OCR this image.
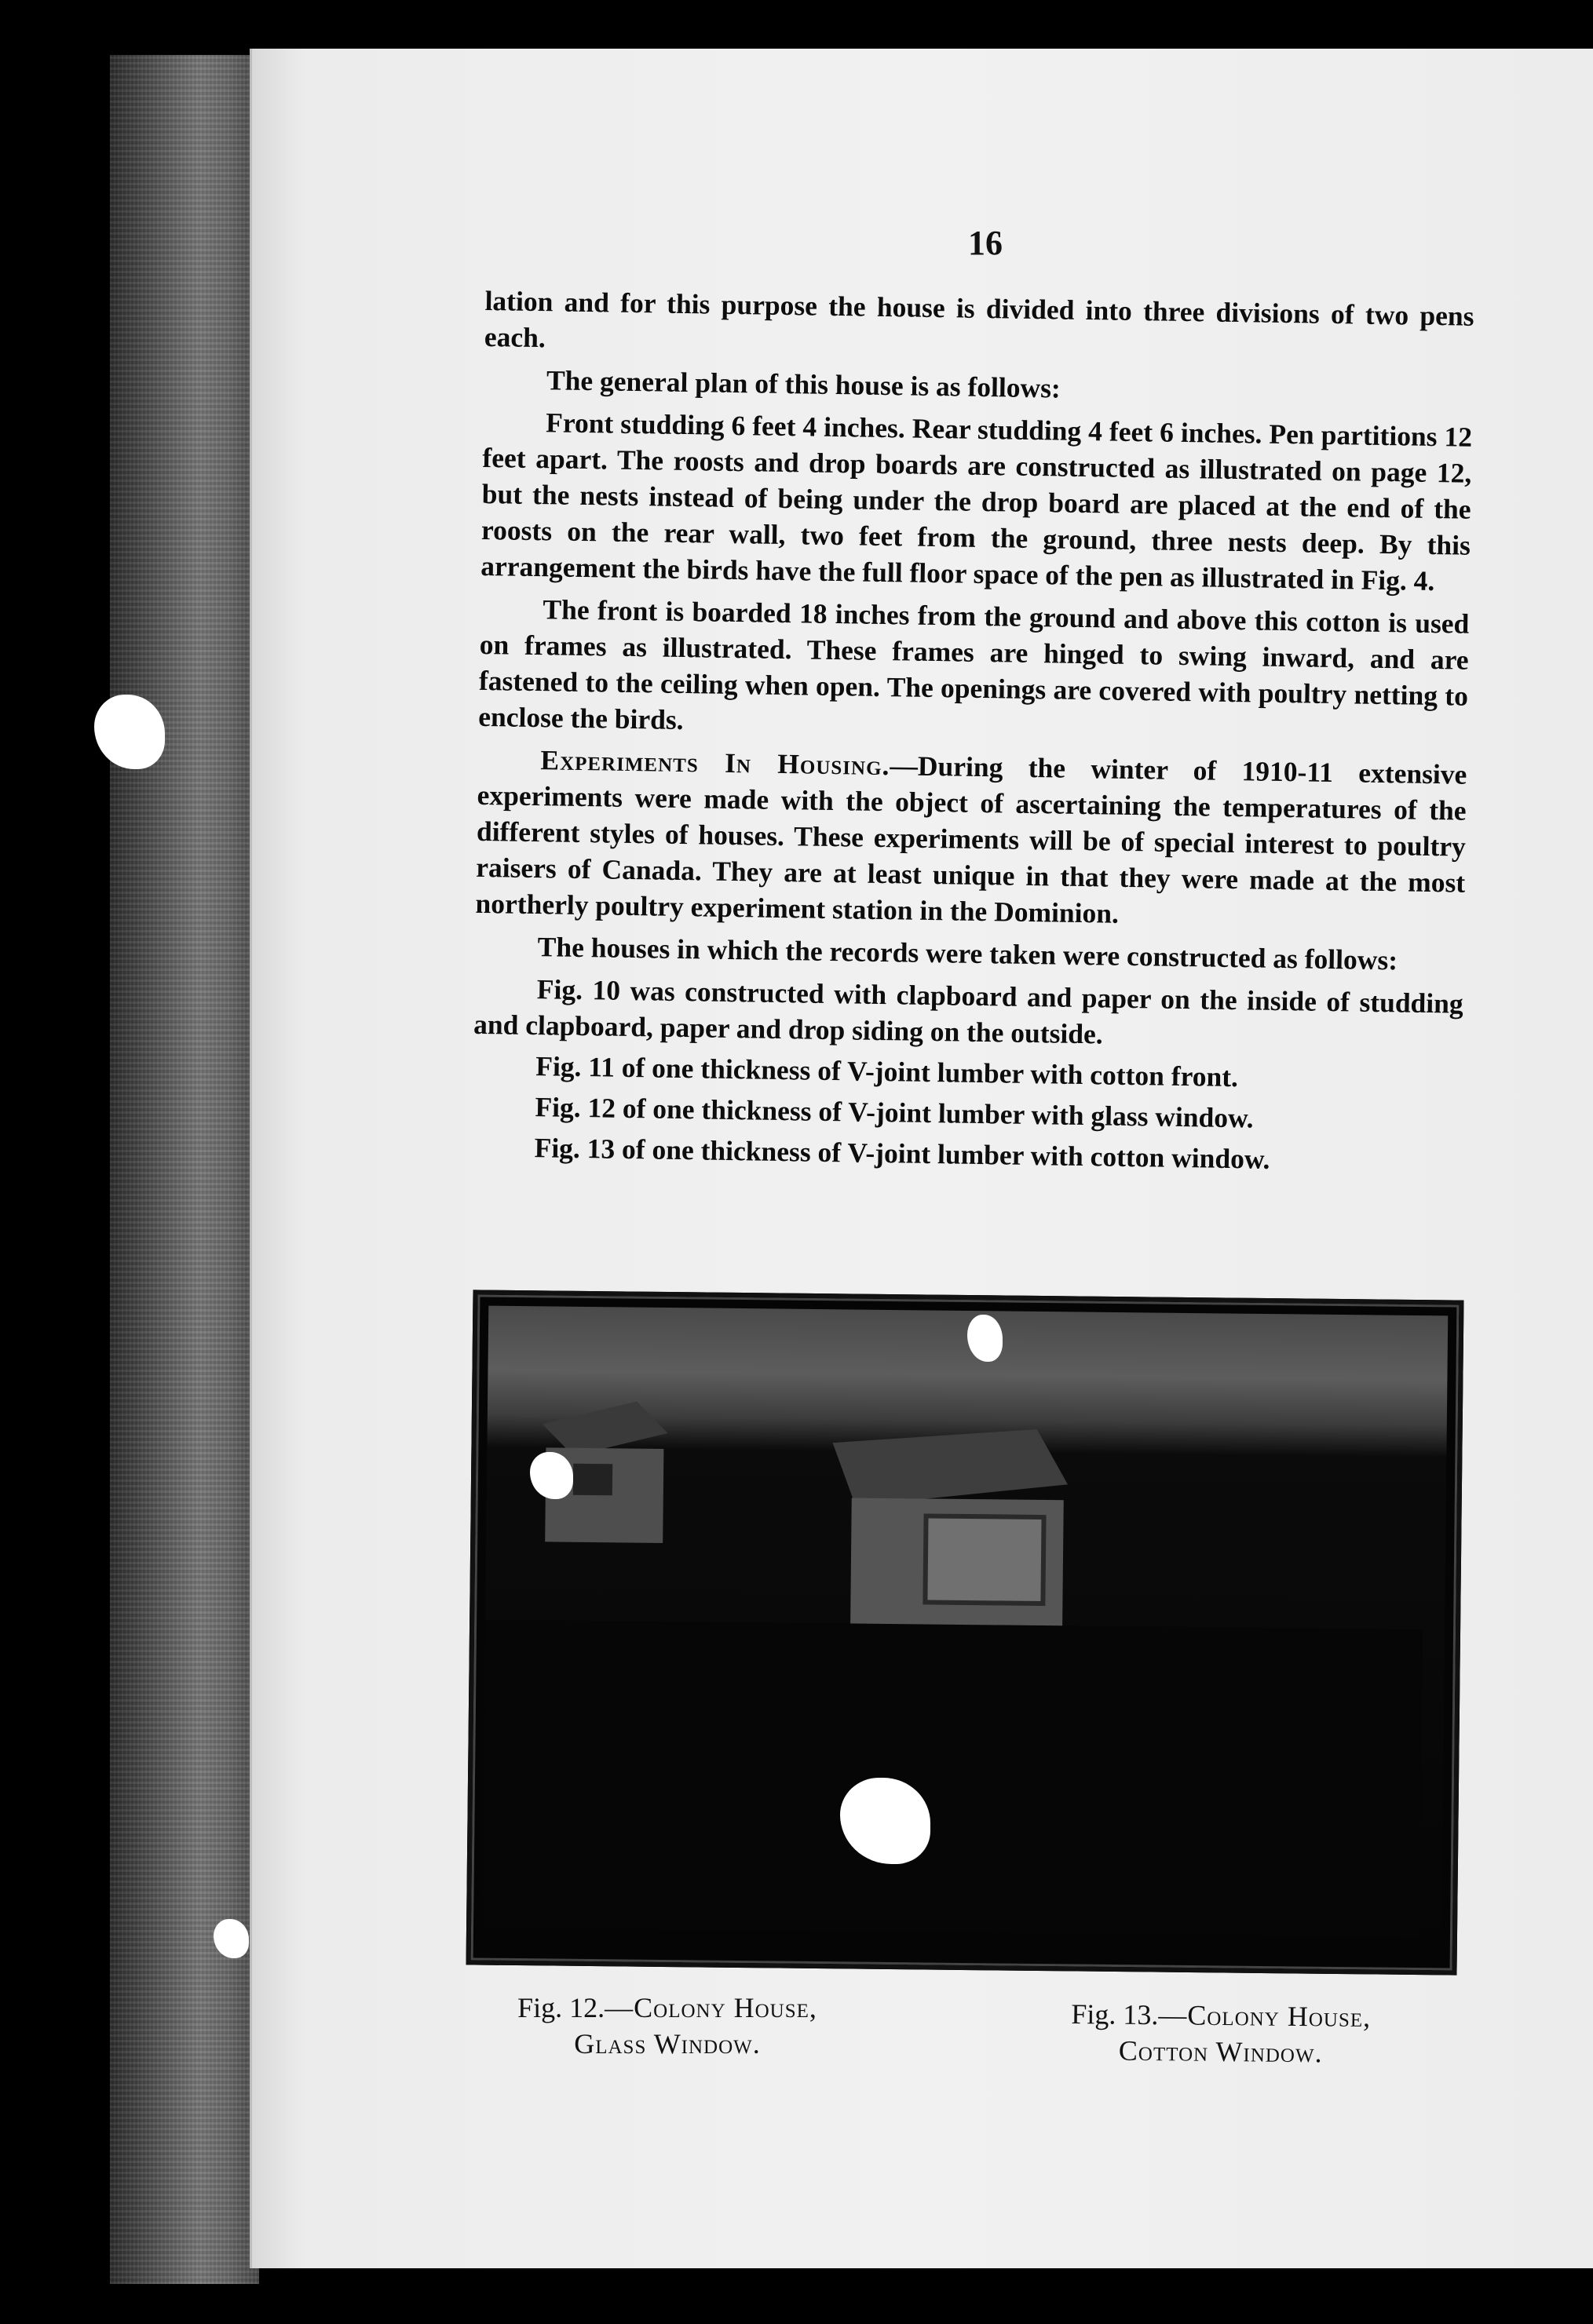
16

lation and for this purpose the house is divided into three divisions of two pens each.

The general plan of this house is as follows:

Front studding 6 feet 4 inches. Rear studding 4 feet 6 inches. Pen partitions 12 feet apart. The roosts and drop boards are constructed as illustrated on page 12, but the nests instead of being under the drop board are placed at the end of the roosts on the rear wall, two feet from the ground, three nests deep. By this arrangement the birds have the full floor space of the pen as illustrated in Fig. 4.

The front is boarded 18 inches from the ground and above this cotton is used on frames as illustrated. These frames are hinged to swing inward, and are fastened to the ceiling when open. The openings are covered with poultry netting to enclose the birds.

Experiments In Housing.—During the winter of 1910-11 extensive experiments were made with the object of ascertaining the temperatures of the different styles of houses. These experiments will be of special interest to poultry raisers of Canada. They are at least unique in that they were made at the most northerly poultry experiment station in the Dominion.

The houses in which the records were taken were constructed as follows:

Fig. 10 was constructed with clapboard and paper on the inside of studding and clapboard, paper and drop siding on the outside.

Fig. 11 of one thickness of V-joint lumber with cotton front.

Fig. 12 of one thickness of V-joint lumber with glass window.

Fig. 13 of one thickness of V-joint lumber with cotton window.

Fig. 12.—Colony House,
Glass Window.
Fig. 13.—Colony House,
Cotton Window.
